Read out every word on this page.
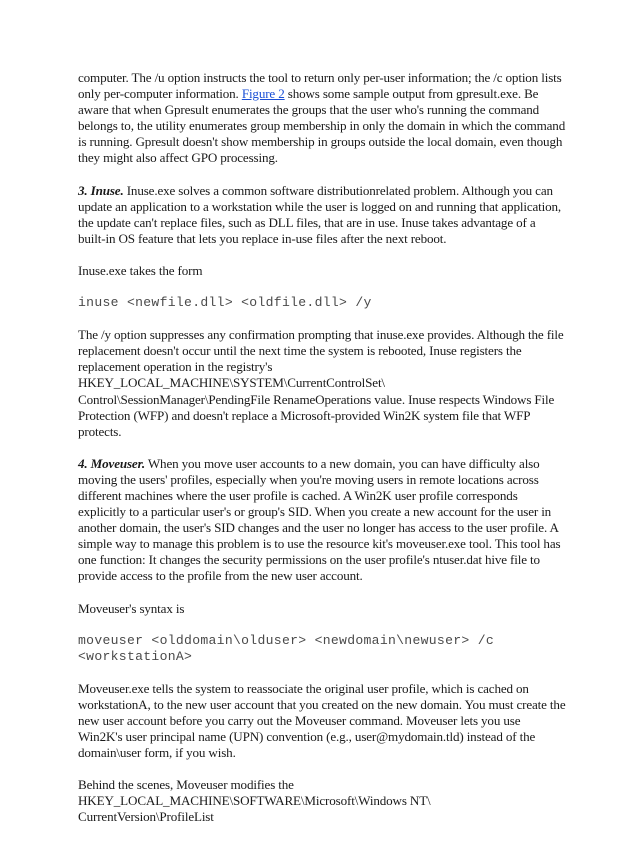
computer. The /u option instructs the tool to return only per-user information; the /c option lists only per-computer information. Figure 2 shows some sample output from gpresult.exe. Be aware that when Gpresult enumerates the groups that the user who's running the command belongs to, the utility enumerates group membership in only the domain in which the command is running. Gpresult doesn't show membership in groups outside the local domain, even though they might also affect GPO processing.

3. Inuse. Inuse.exe solves a common software distributionrelated problem. Although you can update an application to a workstation while the user is logged on and running that application, the update can't replace files, such as DLL files, that are in use. Inuse takes advantage of a built-in OS feature that lets you replace in-use files after the next reboot.

Inuse.exe takes the form

inuse <newfile.dll> <oldfile.dll> /y

The /y option suppresses any confirmation prompting that inuse.exe provides. Although the file replacement doesn't occur until the next time the system is rebooted, Inuse registers the replacement operation in the registry's
HKEY_LOCAL_MACHINE\SYSTEM\CurrentControlSet\
Control\SessionManager\PendingFile RenameOperations value. Inuse respects Windows File Protection (WFP) and doesn't replace a Microsoft-provided Win2K system file that WFP protects.

4. Moveuser. When you move user accounts to a new domain, you can have difficulty also moving the users' profiles, especially when you're moving users in remote locations across different machines where the user profile is cached. A Win2K user profile corresponds explicitly to a particular user's or group's SID. When you create a new account for the user in another domain, the user's SID changes and the user no longer has access to the user profile. A simple way to manage this problem is to use the resource kit's moveuser.exe tool. This tool has one function: It changes the security permissions on the user profile's ntuser.dat hive file to provide access to the profile from the new user account.

Moveuser's syntax is

moveuser <olddomain\olduser> <newdomain\newuser> /c
<workstationA>

Moveuser.exe tells the system to reassociate the original user profile, which is cached on workstationA, to the new user account that you created on the new domain. You must create the new user account before you carry out the Moveuser command. Moveuser lets you use Win2K's user principal name (UPN) convention (e.g., user@mydomain.tld) instead of the domain\user form, if you wish.

Behind the scenes, Moveuser modifies the
HKEY_LOCAL_MACHINE\SOFTWARE\Microsoft\Windows NT\ CurrentVersion\ProfileList
